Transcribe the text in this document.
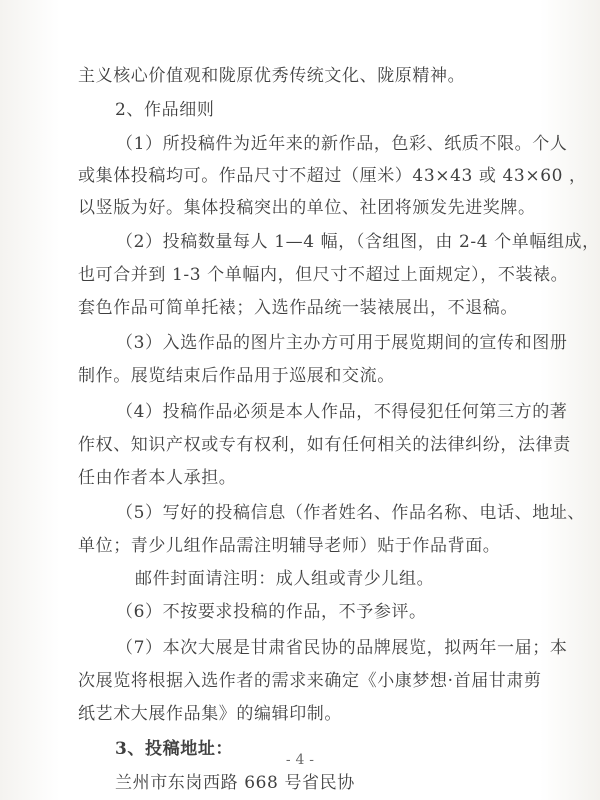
主义核心价值观和陇原优秀传统文化、陇原精神。
2、作品细则
（1）所投稿件为近年来的新作品，色彩、纸质不限。个人
或集体投稿均可。作品尺寸不超过（厘米）43×43 或 43×60 ，
以竖版为好。集体投稿突出的单位、社团将颁发先进奖牌。
（2）投稿数量每人 1—4 幅，（含组图，由 2-4 个单幅组成，
也可合并到 1-3 个单幅内，但尺寸不超过上面规定），不装裱。
套色作品可简单托裱；入选作品统一装裱展出，不退稿。
（3）入选作品的图片主办方可用于展览期间的宣传和图册
制作。展览结束后作品用于巡展和交流。
（4）投稿作品必须是本人作品，不得侵犯任何第三方的著
作权、知识产权或专有权利，如有任何相关的法律纠纷，法律责
任由作者本人承担。
（5）写好的投稿信息（作者姓名、作品名称、电话、地址、
单位；青少儿组作品需注明辅导老师）贴于作品背面。
邮件封面请注明：成人组或青少儿组。
（6）不按要求投稿的作品，不予参评。
（7）本次大展是甘肃省民协的品牌展览，拟两年一届；本
次展览将根据入选作者的需求来确定《小康梦想·首届甘肃剪
纸艺术大展作品集》的编辑印制。
3、投稿地址：
兰州市东岗西路 668 号省民协
- 4 -
